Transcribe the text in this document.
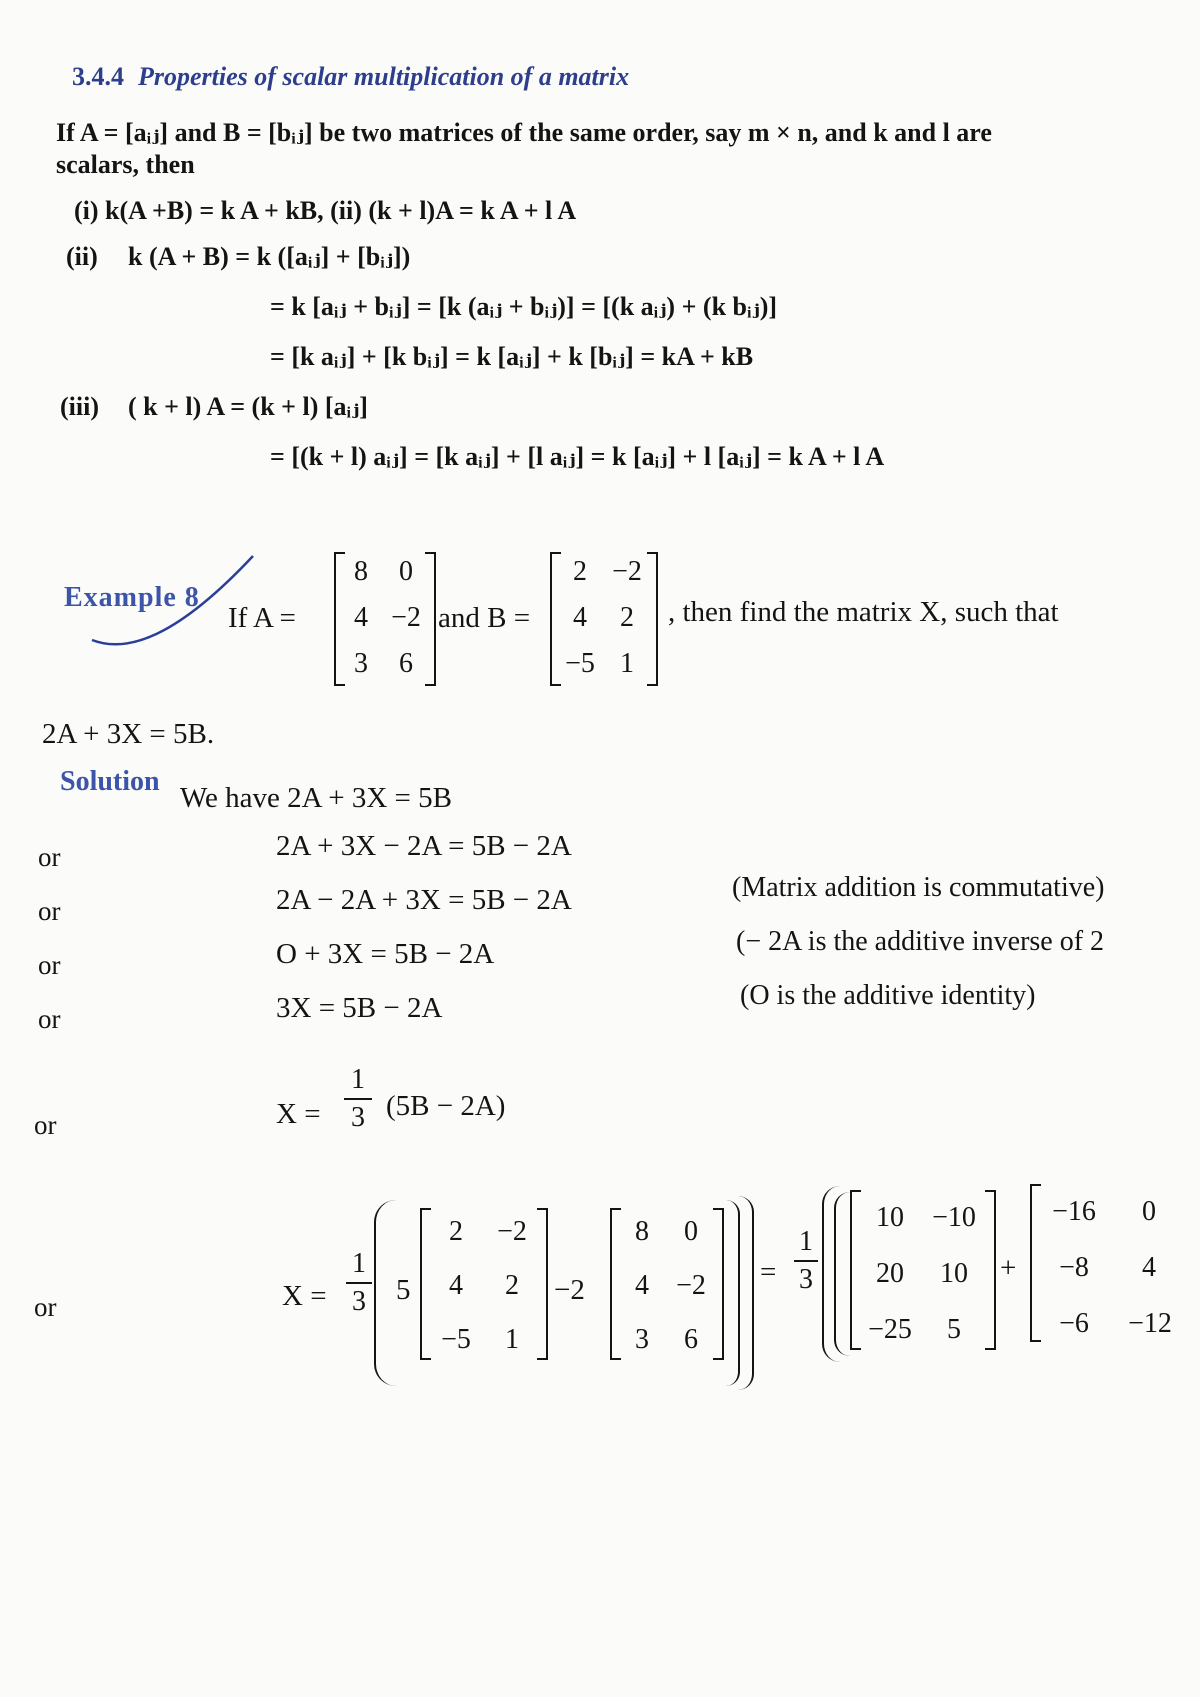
3.4.4 Properties of scalar multiplication of a matrix
If A = [aᵢⱼ] and B = [bᵢⱼ] be two matrices of the same order, say m × n, and k and l are
scalars, then
(i) k(A +B) = k A + kB, (ii) (k + l)A = k A + l A
(ii) k (A + B) = k ([aᵢⱼ] + [bᵢⱼ])
= k [aᵢⱼ + bᵢⱼ] = [k (aᵢⱼ + bᵢⱼ)] = [(k aᵢⱼ) + (k bᵢⱼ)]
= [k aᵢⱼ] + [k bᵢⱼ] = k [aᵢⱼ] + k [bᵢⱼ] = kA + kB
(iii) ( k + l) A = (k + l) [aᵢⱼ]
= [(k + l) aᵢⱼ] = [k aᵢⱼ] + [l aᵢⱼ] = k [aᵢⱼ] + l [aᵢⱼ] = k A + l A
Example 8
If A =
8	0
4 −2
3	6
and B =
2 −2
4	2
−5 1
, then find the matrix X, such that
2A + 3X = 5B.
Solution
We have 2A + 3X = 5B
or	2A + 3X − 2A = 5B − 2A
or	2A − 2A + 3X = 5B − 2A	(Matrix addition is commutative)
or	O + 3X = 5B − 2A	(− 2A is the additive inverse of 2
or	3X = 5B − 2A	(O is the additive identity)
or	X =
1
3 (5B − 2A)
or	X =
1
3 5
2	−2
4	2
−5	1
−2
8	0
4 −2
3	6
=
1
3
10	−10
20	10
−25	5
+
−16	0
−8	4
−6	−12
